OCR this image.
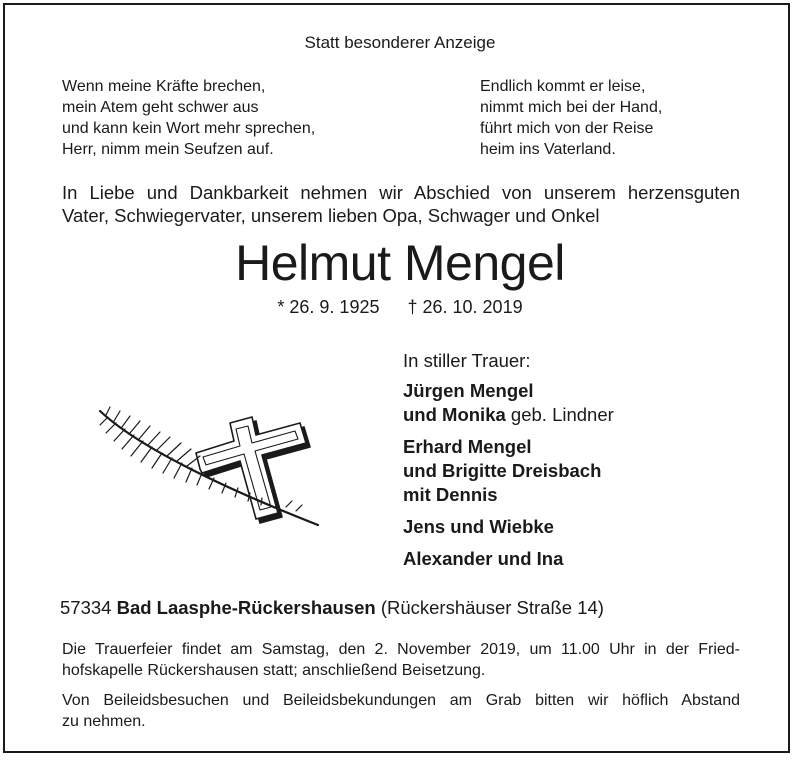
Statt besonderer Anzeige
Wenn meine Kräfte brechen,
mein Atem geht schwer aus
und kann kein Wort mehr sprechen,
Herr, nimm mein Seufzen auf.
Endlich kommt er leise,
nimmt mich bei der Hand,
führt mich von der Reise
heim ins Vaterland.
In Liebe und Dankbarkeit nehmen wir Abschied von unserem herzensguten
Vater, Schwiegervater, unserem lieben Opa, Schwager und Onkel
Helmut Mengel
* 26. 9. 1925 † 26. 10. 2019
In stiller Trauer:
Jürgen Mengel
und Monika geb. Lindner
Erhard Mengel
und Brigitte Dreisbach
mit Dennis
Jens und Wiebke
Alexander und Ina
57334 Bad Laasphe-Rückershausen (Rückershäuser Straße 14)
Die Trauerfeier findet am Samstag, den 2. November 2019, um 11.00 Uhr in der Fried-
hofskapelle Rückershausen statt; anschließend Beisetzung.
Von Beileidsbesuchen und Beileidsbekundungen am Grab bitten wir höflich Abstand
zu nehmen.
